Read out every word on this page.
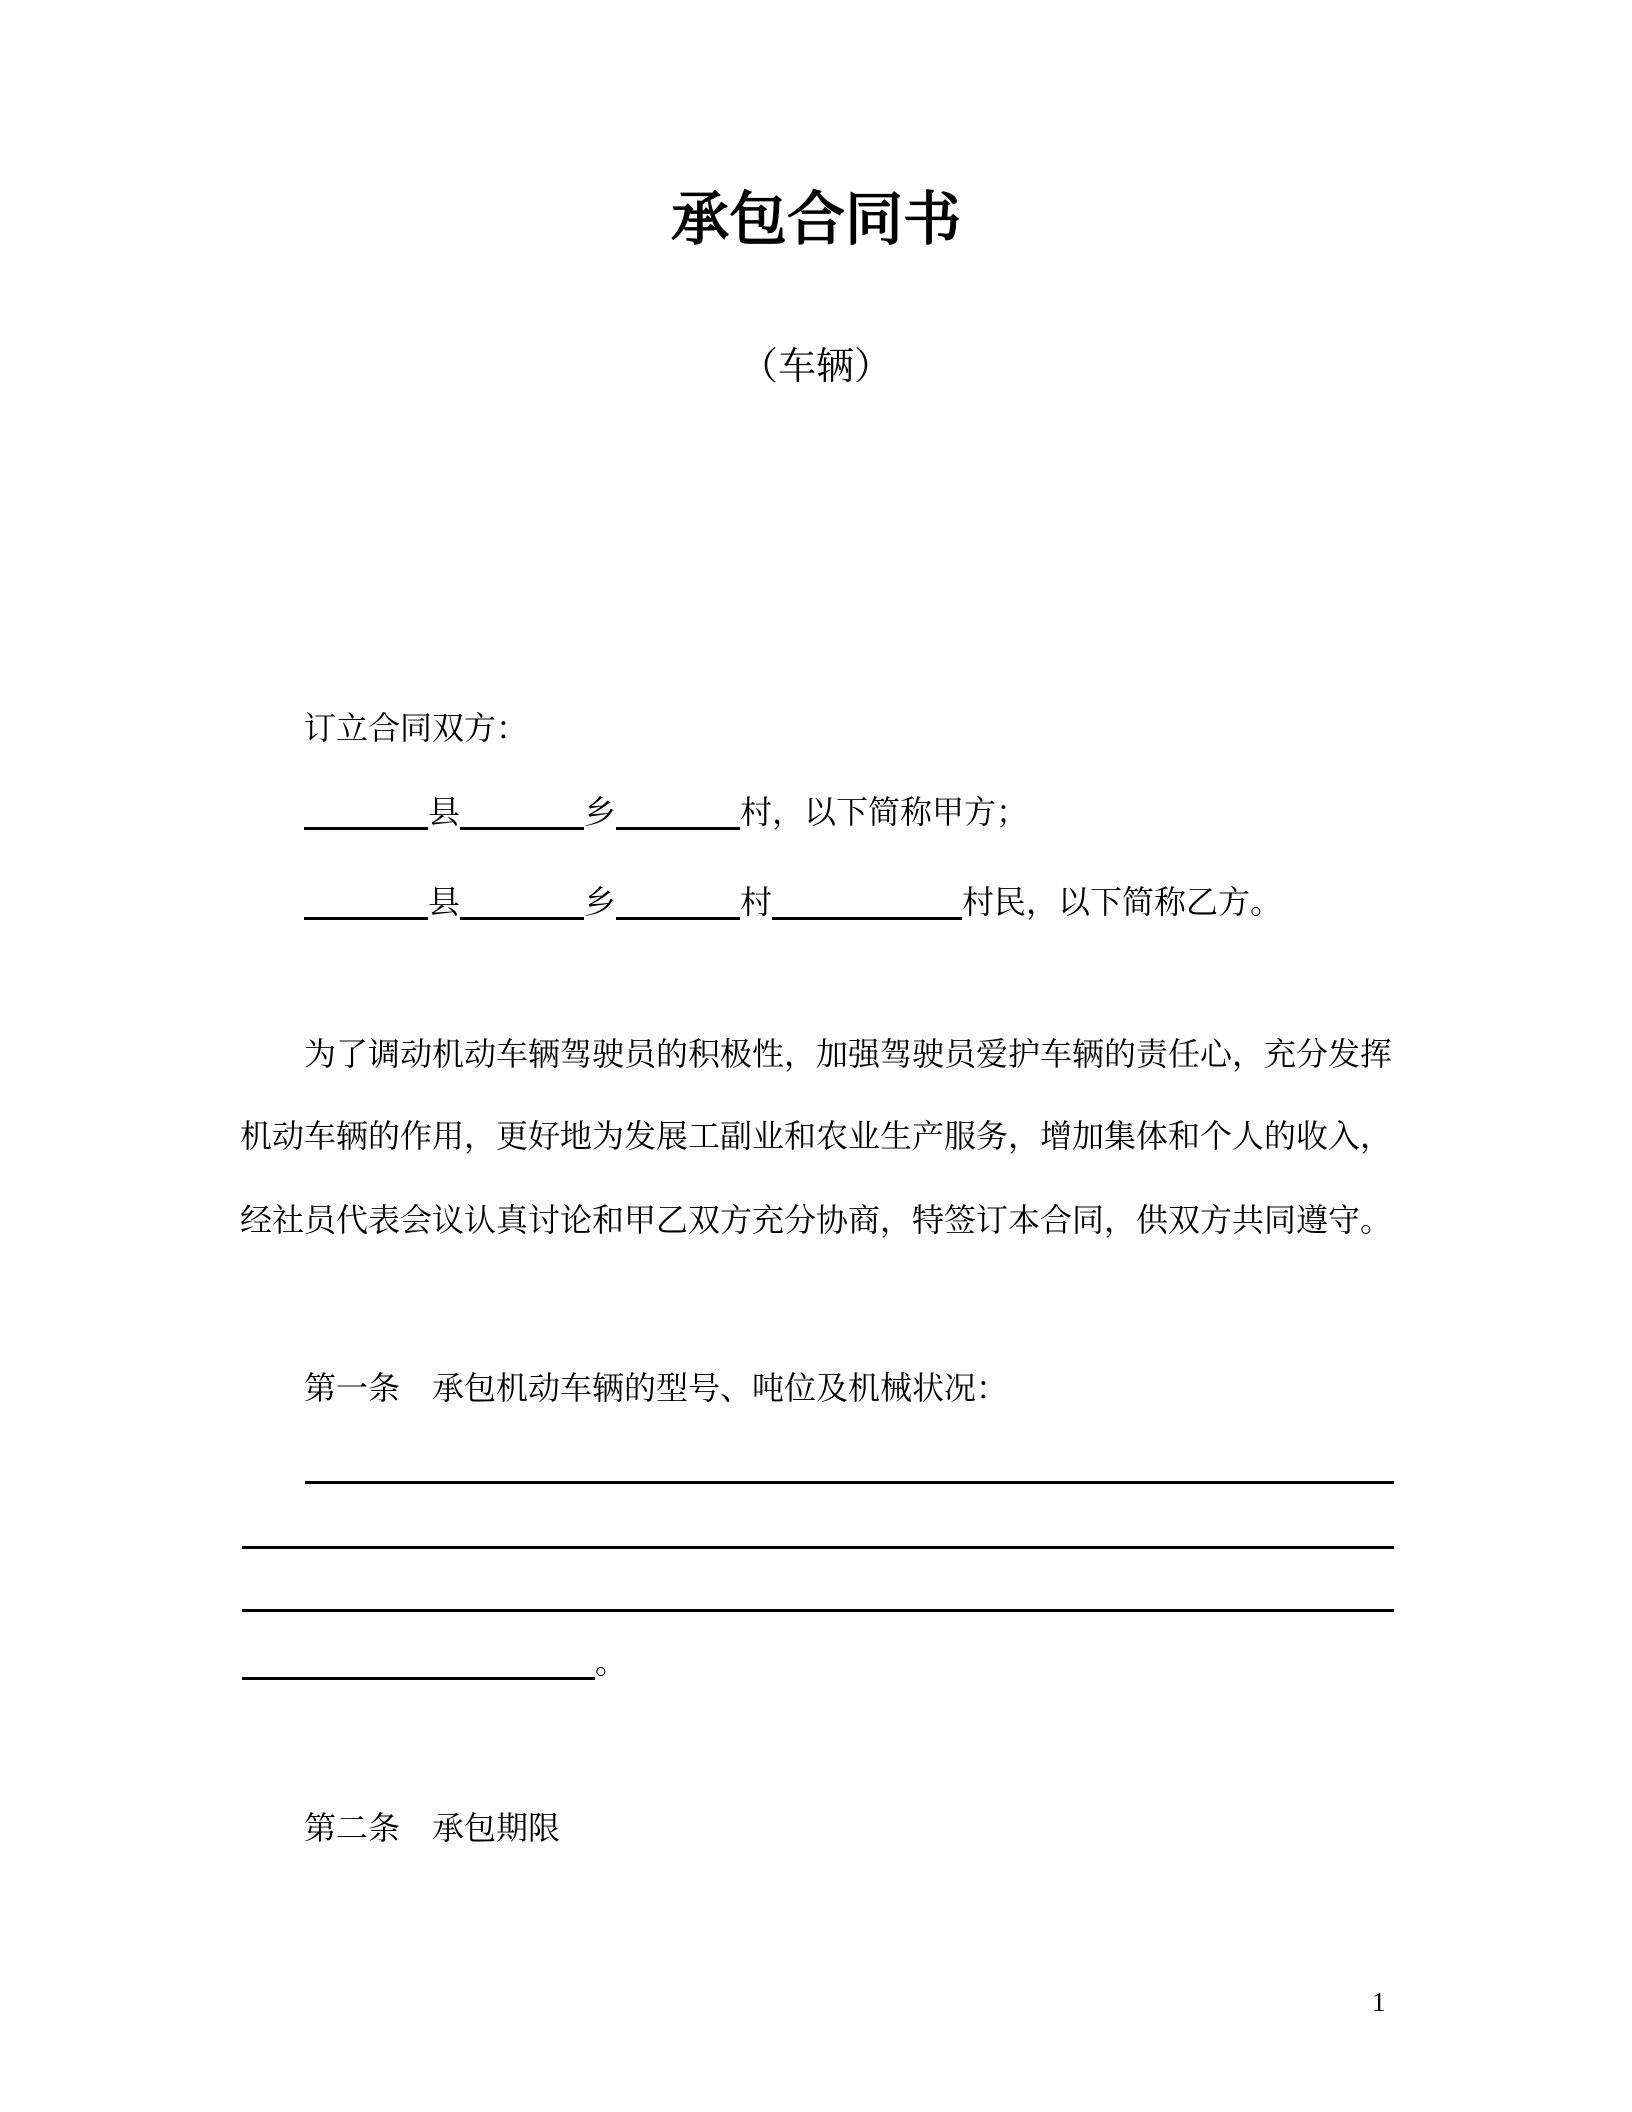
承包合同书
（车辆）
订立合同双方：
县	乡	村，以下简称甲方；
县	乡	村	村民，以下简称乙方。
为了调动机动车辆驾驶员的积极性，加强驾驶员爱护车辆的责任心，充分发挥
机动车辆的作用，更好地为发展工副业和农业生产服务，增加集体和个人的收入，
经社员代表会议认真讨论和甲乙双方充分协商，特签订本合同，供双方共同遵守。
第一条 承包机动车辆的型号、吨位及机械状况：
。
第二条 承包期限
1
